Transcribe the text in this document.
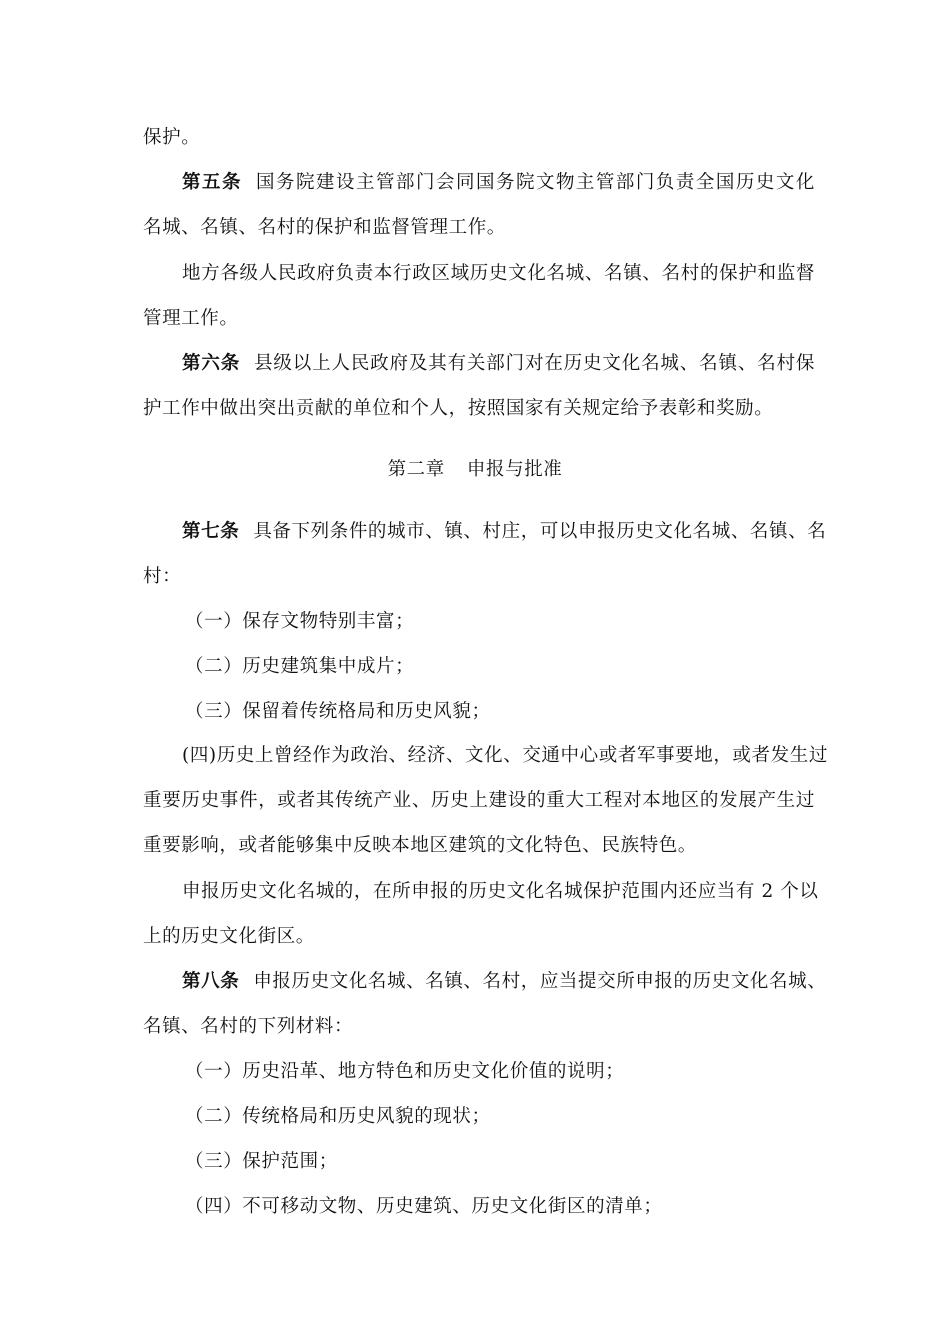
保护。
第五条 国务院建设主管部门会同国务院文物主管部门负责全国历史文化
名城、名镇、名村的保护和监督管理工作。
地方各级人民政府负责本行政区域历史文化名城、名镇、名村的保护和监督
管理工作。
第六条 县级以上人民政府及其有关部门对在历史文化名城、名镇、名村保
护工作中做出突出贡献的单位和个人，按照国家有关规定给予表彰和奖励。
第二章 申报与批准
第七条 具备下列条件的城市、镇、村庄，可以申报历史文化名城、名镇、名
村：
（一）保存文物特别丰富；
（二）历史建筑集中成片；
（三）保留着传统格局和历史风貌；
(四)历史上曾经作为政治、经济、文化、交通中心或者军事要地，或者发生过
重要历史事件，或者其传统产业、历史上建设的重大工程对本地区的发展产生过
重要影响，或者能够集中反映本地区建筑的文化特色、民族特色。
申报历史文化名城的，在所申报的历史文化名城保护范围内还应当有 2 个以
上的历史文化街区。
第八条 申报历史文化名城、名镇、名村，应当提交所申报的历史文化名城、
名镇、名村的下列材料：
（一）历史沿革、地方特色和历史文化价值的说明；
（二）传统格局和历史风貌的现状；
（三）保护范围；
（四）不可移动文物、历史建筑、历史文化街区的清单；
